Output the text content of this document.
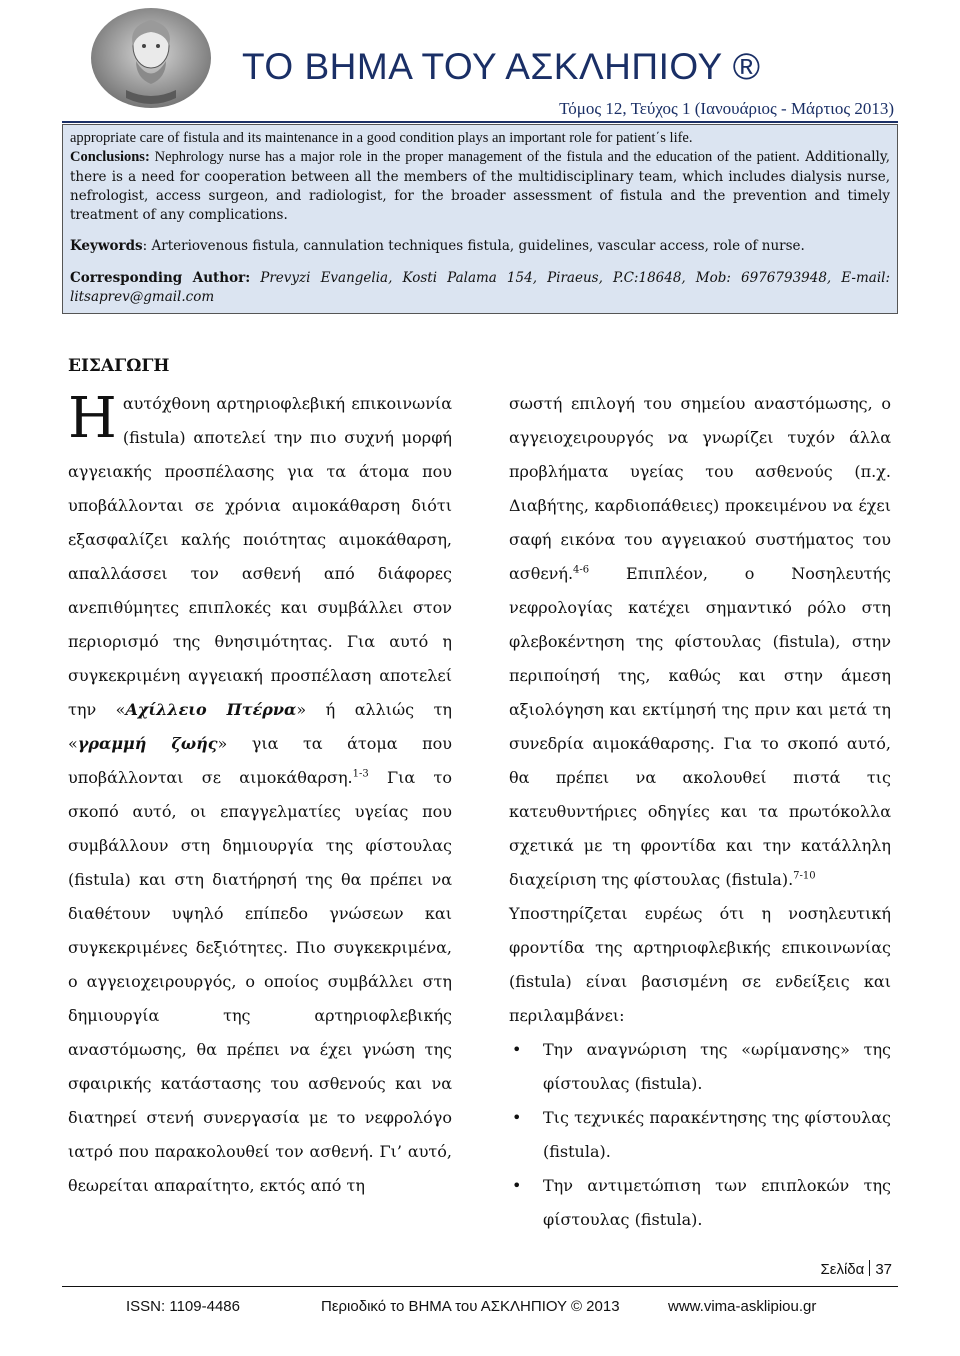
ΤΟ ΒΗΜΑ ΤΟΥ ΑΣΚΛΗΠΙΟΥ ®
Τόμος 12, Τεύχος 1 (Ιανουάριος - Μάρτιος 2013)

appropriate care of fistula and its maintenance in a good condition plays an important role for patient΄s life.

Conclusions: Nephrology nurse has a major role in the proper management of the fistula and the education of the patient. Additionally, there is a need for cooperation between all the members of the multidisciplinary team, which includes dialysis nurse, nefrologist, access surgeon, and radiologist, for the broader assessment of fistula and the prevention and timely treatment of any complications.

Keywords: Arteriovenous fistula, cannulation techniques fistula, guidelines, vascular access, role of nurse.

Corresponding Author: Prevyzi Evangelia, Kosti Palama 154, Piraeus, P.C:18648, Mob: 6976793948, E-mail: litsaprev@gmail.com

ΕΙΣΑΓΩΓΗ

Ηαυτόχθονη αρτηριοφλεβική επικοινωνία (fistula) αποτελεί την πιο συχνή μορφή αγγειακής προσπέλασης για τα άτομα που υποβάλλονται σε χρόνια αιμοκάθαρση διότι εξασφαλίζει καλής ποιότητας αιμοκάθαρση, απαλλάσσει τον ασθενή από διάφορες ανεπιθύμητες επιπλοκές και συμβάλλει στον περιορισμό της θνησιμότητας. Για αυτό η συγκεκριμένη αγγειακή προσπέλαση αποτελεί την «Αχίλλειο Πτέρνα» ή αλλιώς τη «γραμμή ζωής» για τα άτομα που υποβάλλονται σε αιμοκάθαρση.$^{1-3}$ Για το σκοπό αυτό, οι επαγγελματίες υγείας που συμβάλλουν στη δημιουργία της φίστουλας (fistula) και στη διατήρησή της θα πρέπει να διαθέτουν υψηλό επίπεδο γνώσεων και συγκεκριμένες δεξιότητες. Πιο συγκεκριμένα, ο αγγειοχειρουργός, ο οποίος συμβάλλει στη δημιουργία της αρτηριοφλεβικής αναστόμωσης, θα πρέπει να έχει γνώση της σφαιρικής κατάστασης του ασθενούς και να διατηρεί στενή συνεργασία με το νεφρολόγο ιατρό που παρακολουθεί τον ασθενή. Γι’ αυτό, θεωρείται απαραίτητο, εκτός από τη

σωστή επιλογή του σημείου αναστόμωσης, ο αγγειοχειρουργός να γνωρίζει τυχόν άλλα προβλήματα υγείας του ασθενούς (π.χ. Διαβήτης, καρδιοπάθειες) προκειμένου να έχει σαφή εικόνα του αγγειακού συστήματος του ασθενή.$^{4-6}$ Επιπλέον, ο Νοσηλευτής νεφρολογίας κατέχει σημαντικό ρόλο στη φλεβοκέντηση της φίστουλας (fistula), στην περιποίησή της, καθώς και στην άμεση αξιολόγηση και εκτίμησή της πριν και μετά τη συνεδρία αιμοκάθαρσης. Για το σκοπό αυτό, θα πρέπει να ακολουθεί πιστά τις κατευθυντήριες οδηγίες και τα πρωτόκολλα σχετικά με τη φροντίδα και την κατάλληλη διαχείριση της φίστουλας (fistula).$^{7-10}$

Υποστηρίζεται ευρέως ότι η νοσηλευτική φροντίδα της αρτηριοφλεβικής επικοινωνίας (fistula) είναι βασισμένη σε ενδείξεις και περιλαμβάνει:

• Την αναγνώριση της «ωρίμανσης» της φίστουλας (fistula).
• Τις τεχνικές παρακέντησης της φίστουλας (fistula).
• Την αντιμετώπιση των επιπλοκών της φίστουλας (fistula).
Σελίδα 37
ISSN: 1109-4486	Περιοδικό το ΒΗΜΑ του ΑΣΚΛΗΠΙΟΥ © 2013	www.vima-asklipiou.gr
